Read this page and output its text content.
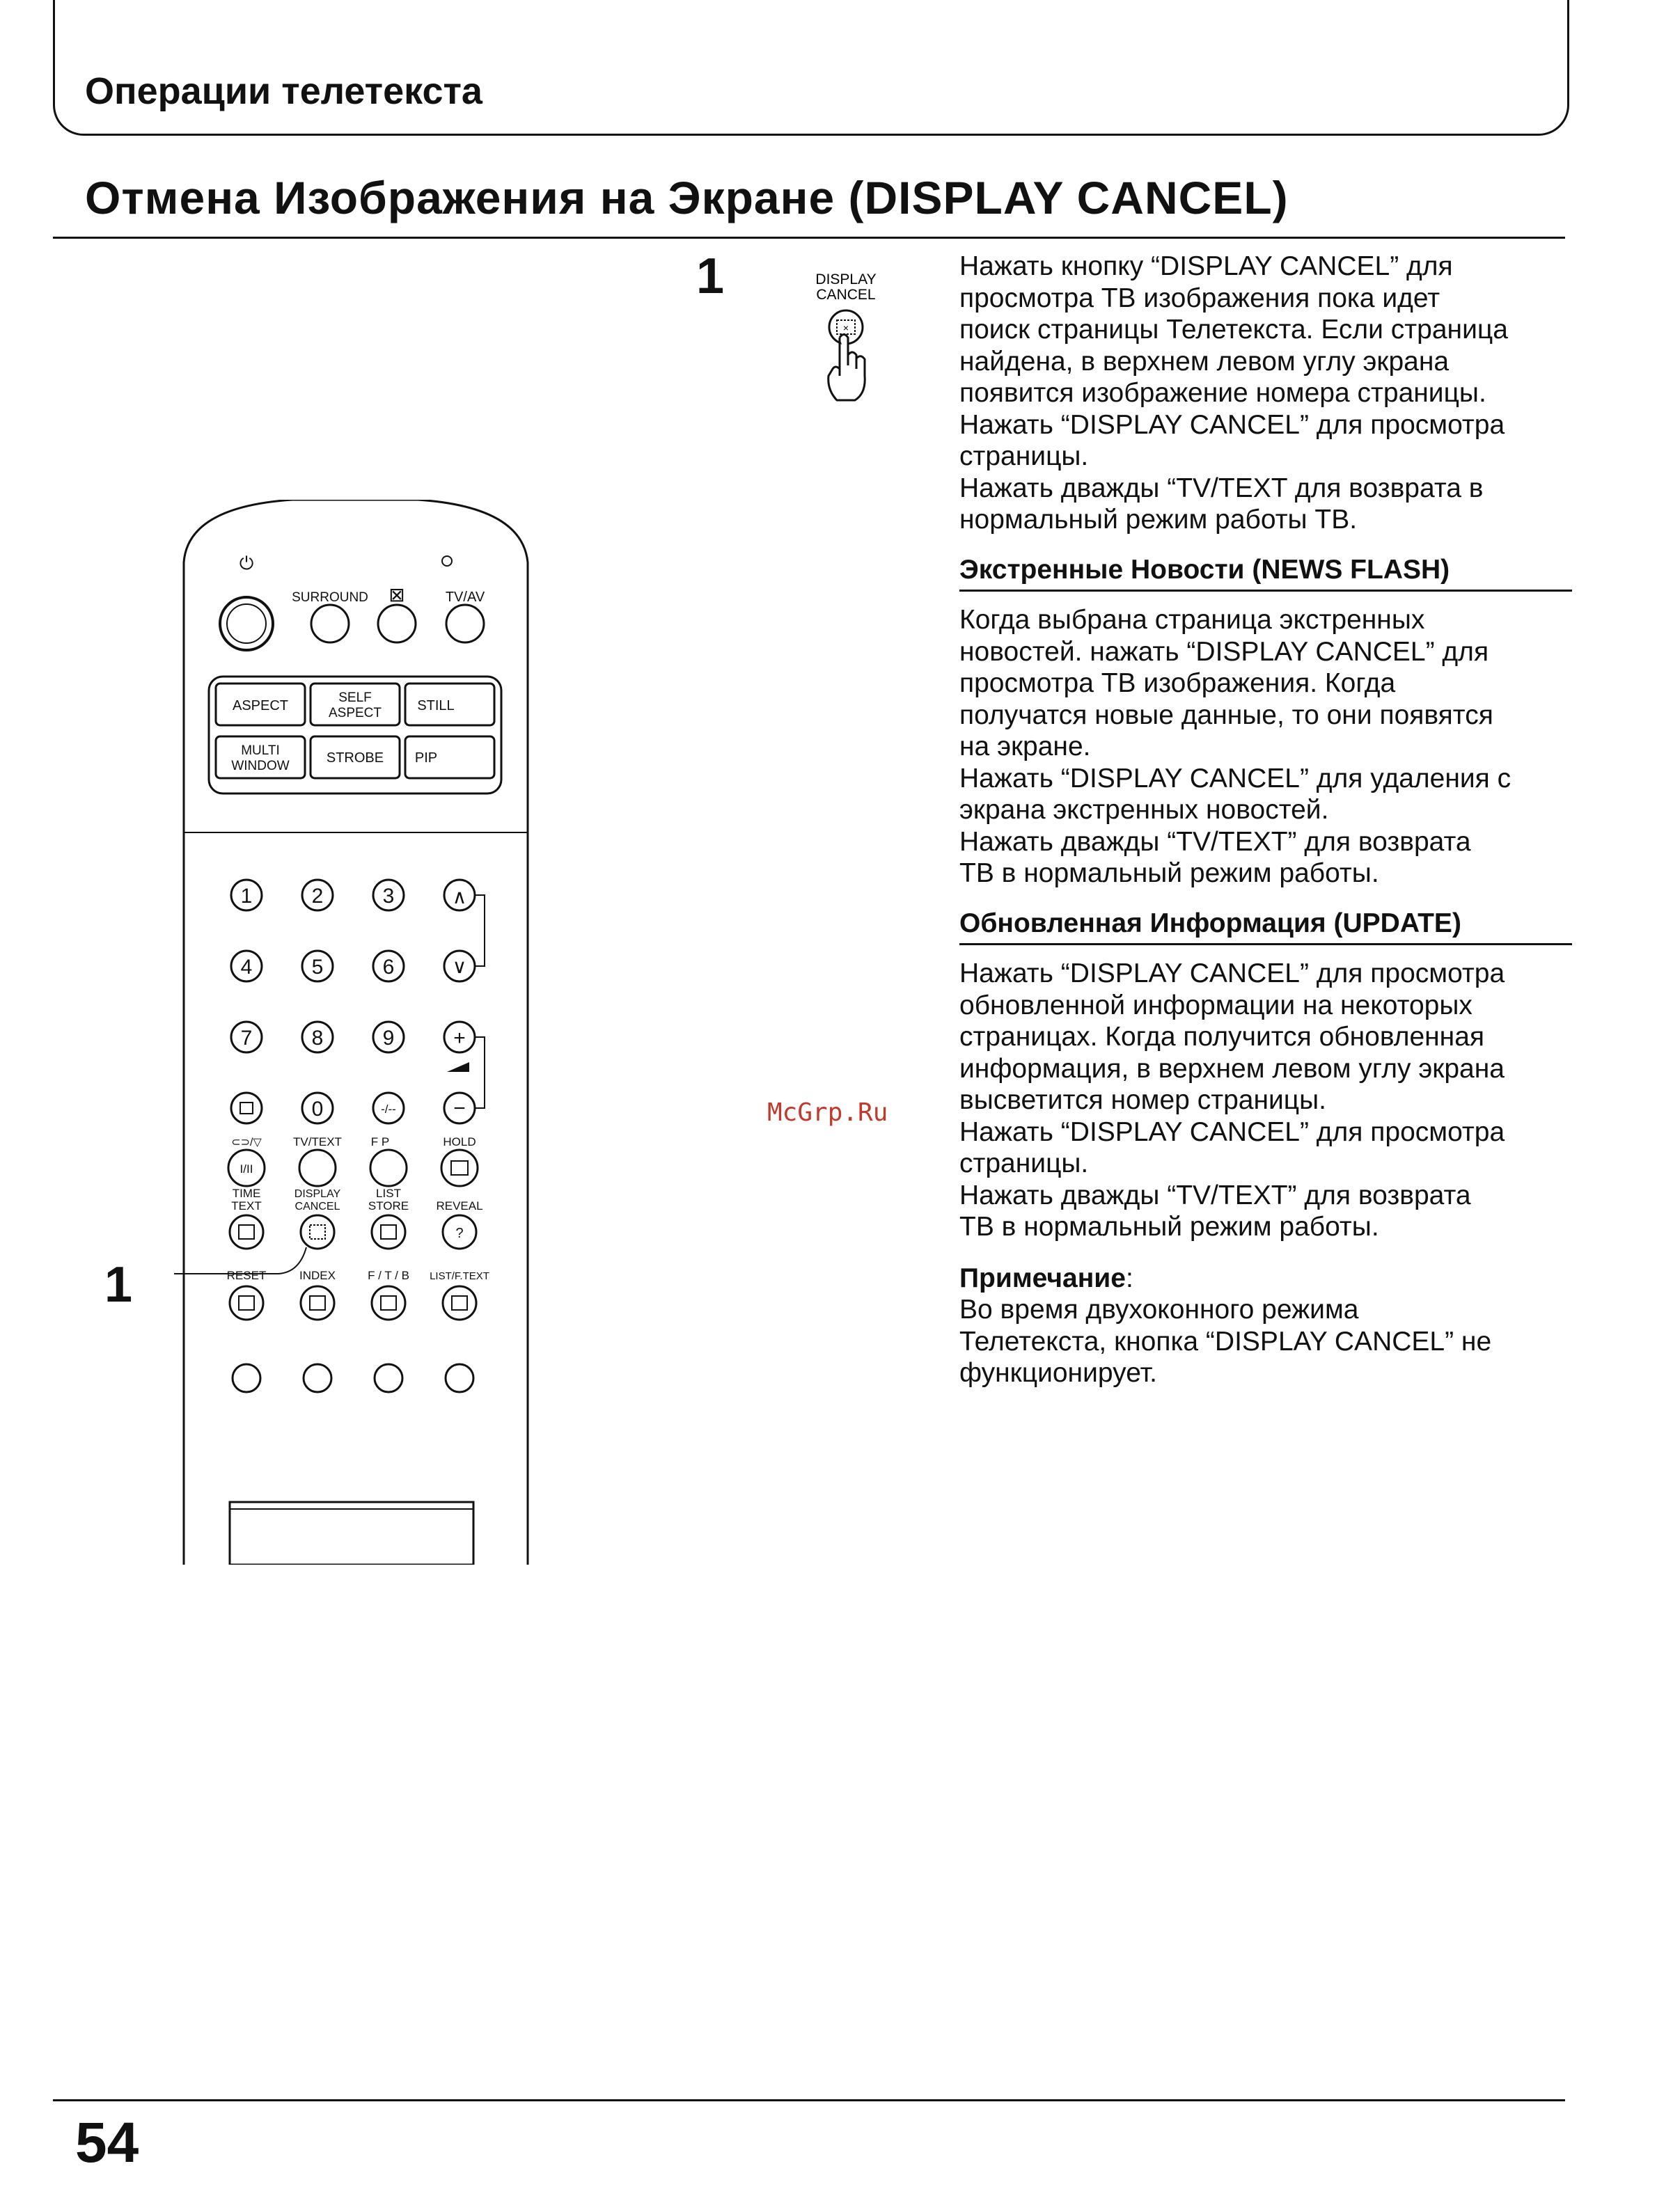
Операции телетекста
Отмена Изображения на Экране (DISPLAY CANCEL)
1	DISPLAY
CANCEL
×

Нажать кнопку “DISPLAY CANCEL” для

просмотра ТВ изображения пока идет

поиск страницы Телетекста. Если страница

найдена, в верхнем левом углу экрана

появится изображение номера страницы.

Нажать “DISPLAY CANCEL” для просмотра

страницы.

Нажать дважды “TV/TEXT для возврата в

нормальный режим работы ТВ.

Экстренные Новости (NEWS FLASH)

Когда выбрана страница экстренных

новостей. нажать “DISPLAY CANCEL” для

просмотра ТВ изображения. Когда

получатся новые данные, то они появятся

на экране.

Нажать “DISPLAY CANCEL” для удаления с

экрана экстренных новостей.

Нажать дважды “TV/TEXT” для возврата

ТВ в нормальный режим работы.

Обновленная Информация (UPDATE)

Нажать “DISPLAY CANCEL” для просмотра

обновленной информации на некоторых

страницах. Когда получится обновленная

информация, в верхнем левом углу экрана

высветится номер страницы.

Нажать “DISPLAY CANCEL” для просмотра

страницы.

Нажать дважды “TV/TEXT” для возврата

ТВ в нормальный режим работы.

Примечание:

Во время двухоконного режима

Телетекста, кнопка “DISPLAY CANCEL” не

функционирует.

McGrp.Ru
⏻
SURROUND ⊠	TV/AV
ASPECT
SELF
ASPECT	STILL
MULTI
WINDOW
STROBE PIP
1	2	3	∧
4	5	6	∨
7	8	9	+
0	-/--	−
⊂⊃/▽	TV/TEXT F P	HOLD
I/II
TIME
TEXT
DISPLAY
CANCEL
LIST
STORE REVEAL
?
RESET	INDEX	F / T / B LIST/F.TEXT
1
54
